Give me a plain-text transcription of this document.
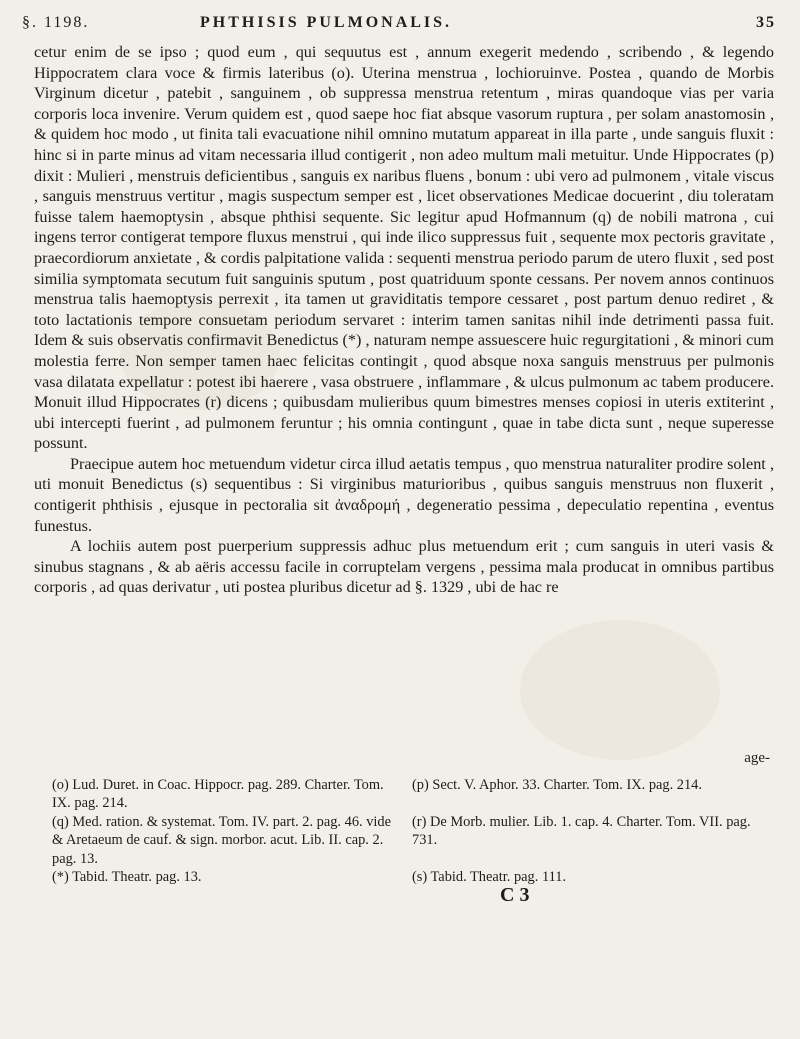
§. 1198.	PHTHISIS PULMONALIS.	35

cetur enim de se ipso ; quod eum , qui sequutus est , annum exegerit medendo , scribendo , & legendo Hippocratem clara voce & firmis lateribus (o). Uterina menstrua , lochioruinve. Postea , quando de Morbis Virginum dicetur , patebit , sanguinem , ob suppressa menstrua retentum , miras quandoque vias per varia corporis loca invenire. Verum quidem est , quod saepe hoc fiat absque vasorum ruptura , per solam anastomosin , & quidem hoc modo , ut finita tali evacuatione nihil omnino mutatum appareat in illa parte , unde sanguis fluxit : hinc si in parte minus ad vitam necessaria illud contigerit , non adeo multum mali metuitur. Unde Hippocrates (p) dixit : Mulieri , menstruis deficientibus , sanguis ex naribus fluens , bonum : ubi vero ad pulmonem , vitale viscus , sanguis menstruus vertitur , magis suspectum semper est , licet observationes Medicae docuerint , diu toleratam fuisse talem haemoptysin , absque phthisi sequente. Sic legitur apud Hofmannum (q) de nobili matrona , cui ingens terror contigerat tempore fluxus menstrui , qui inde ilico suppressus fuit , sequente mox pectoris gravitate , praecordiorum anxietate , & cordis palpitatione valida : sequenti menstrua periodo parum de utero fluxit , sed post similia symptomata secutum fuit sanguinis sputum , post quatriduum sponte cessans. Per novem annos continuos menstrua talis haemoptysis perrexit , ita tamen ut graviditatis tempore cessaret , post partum denuo rediret , & toto lactationis tempore consuetam periodum servaret : interim tamen sanitas nihil inde detrimenti passa fuit. Idem & suis observatis confirmavit Benedictus (*) , naturam nempe assuescere huic regurgitationi , & minori cum molestia ferre. Non semper tamen haec felicitas contingit , quod absque noxa sanguis menstruus per pulmonis vasa dilatata expellatur : potest ibi haerere , vasa obstruere , inflammare , & ulcus pulmonum ac tabem producere. Monuit illud Hippocrates (r) dicens ; quibusdam mulieribus quum bimestres menses copiosi in uteris extiterint , ubi intercepti fuerint , ad pulmonem feruntur ; his omnia contingunt , quae in tabe dicta sunt , neque superesse possunt.

Praecipue autem hoc metuendum videtur circa illud aetatis tempus , quo menstrua naturaliter prodire solent , uti monuit Benedictus (s) sequentibus : Si virginibus maturioribus , quibus sanguis menstruus non fluxerit , contigerit phthisis , ejusque in pectoralia sit ἀναδρομή , degeneratio pessima , depeculatio repentina , eventus funestus.

A lochiis autem post puerperium suppressis adhuc plus metuendum erit ; cum sanguis in uteri vasis & sinubus stagnans , & ab aëris accessu facile in corruptelam vergens , pessima mala producat in omnibus partibus corporis , ad quas derivatur , uti postea pluribus dicetur ad §. 1329 , ubi de hac re

age-
(o) Lud. Duret. in Coac. Hippocr. pag. 289. Charter. Tom. IX. pag. 214.
(p) Sect. V. Aphor. 33. Charter. Tom. IX. pag. 214.
(q) Med. ration. & systemat. Tom. IV. part. 2. pag. 46. vide & Aretaeum de cauf. & sign. morbor. acut. Lib. II. cap. 2. pag. 13.
(r) De Morb. mulier. Lib. 1. cap. 4. Charter. Tom. VII. pag. 731.
(*) Tabid. Theatr. pag. 13.	(s) Tabid. Theatr. pag. 111.
C 3
